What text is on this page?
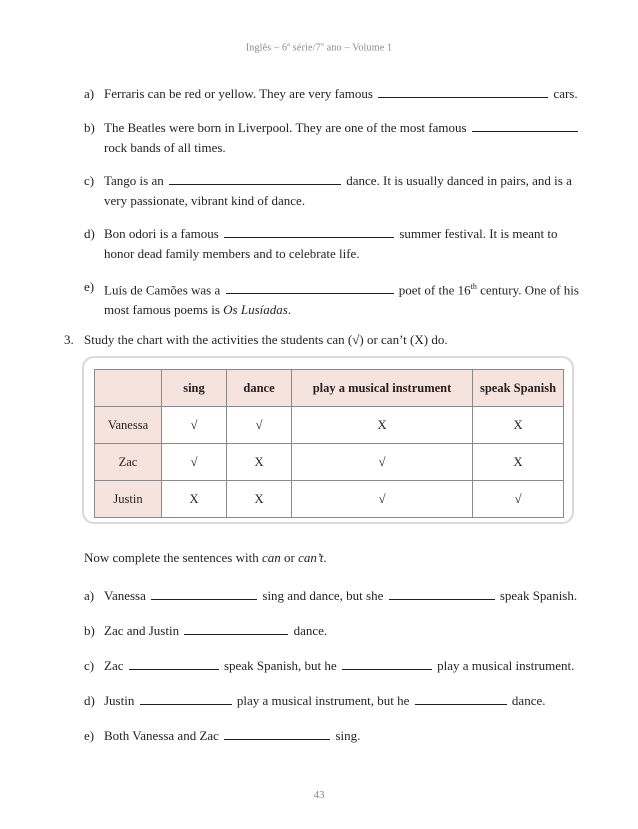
Inglês – 6$^a$ série/7$^o$ ano – Volume 1
a) Ferraris can be red or yellow. They are very famous	cars.
b) The Beatles were born in Liverpool. They are one of the most famous
rock bands of all times.
c) Tango is an	dance. It is usually danced in pairs, and is a
very passionate, vibrant kind of dance.
d) Bon odori is a famous	summer festival. It is meant to
honor dead family members and to celebrate life.
e) Luís de Camões was a	poet of the 16th century. One of his
most famous poems is Os Lusíadas.
3. Study the chart with the activities the students can (√) or can’t (X) do.
	sing	dance	play a musical instrument	speak Spanish
Vanessa	√	√	X	X
Zac	√	X	√	X
Justin	X	X	√	√
Now complete the sentences with can or can’t.
a) Vanessa	sing and dance, but she	speak Spanish.
b) Zac and Justin	dance.
c) Zac	speak Spanish, but he	play a musical instrument.
d) Justin	play a musical instrument, but he	dance.
e) Both Vanessa and Zac	sing.
43
